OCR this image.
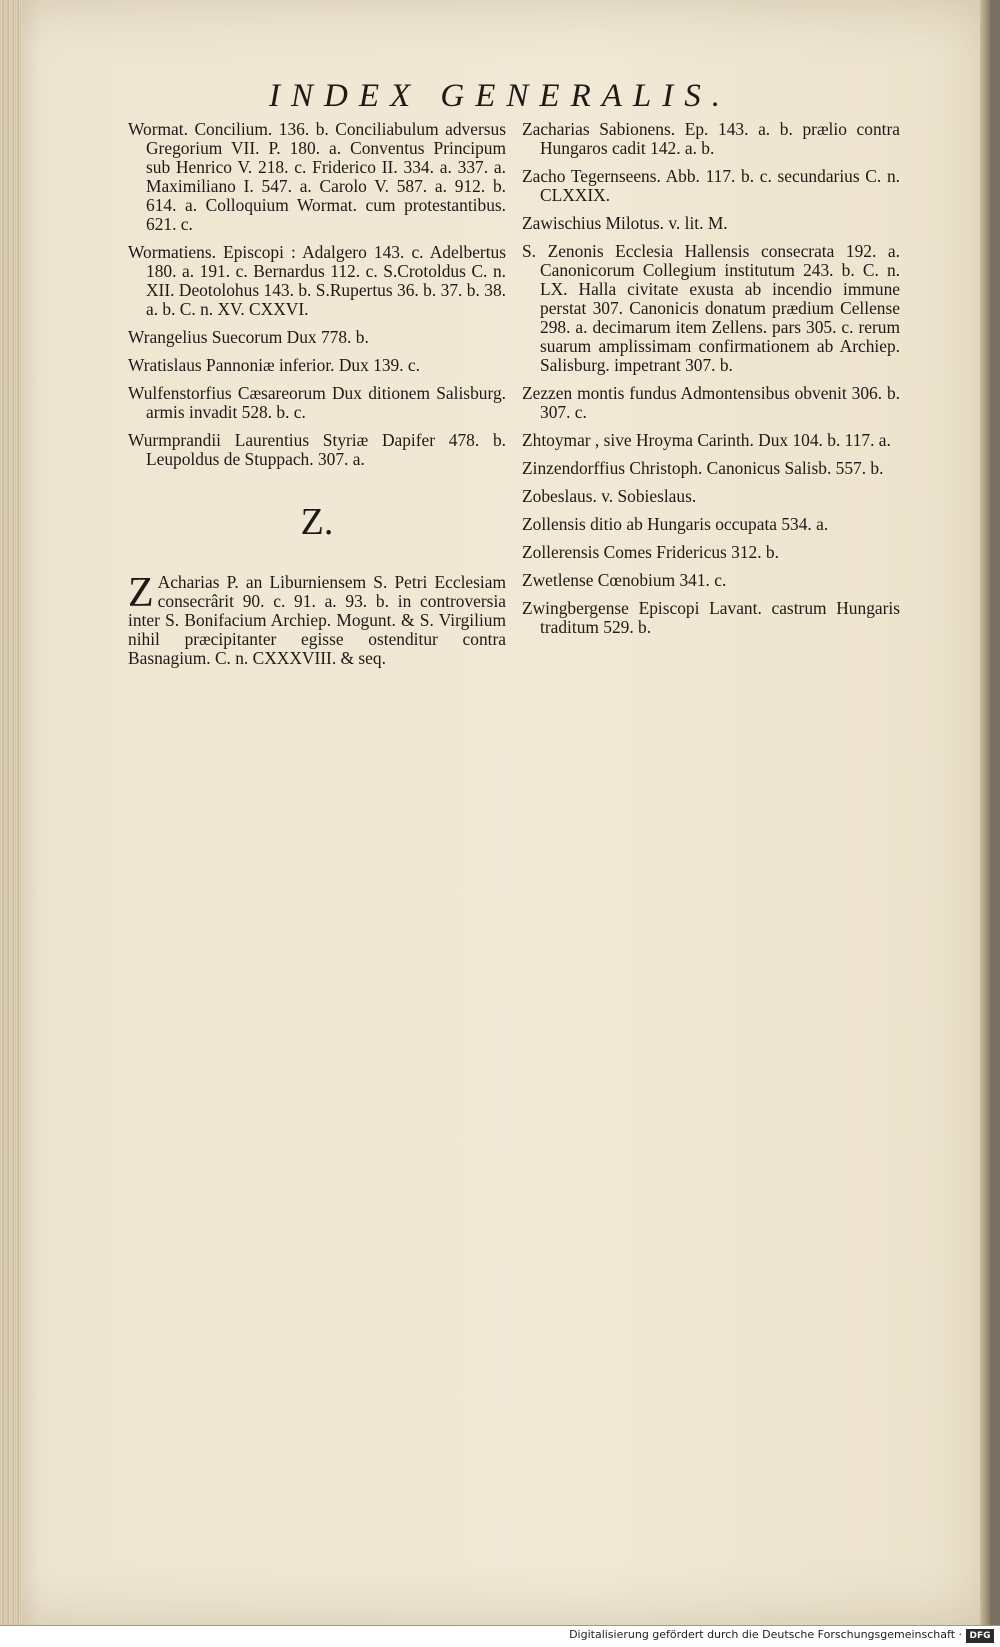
INDEX GENERALIS.

Wormat. Concilium. 136. b. Conciliabulum adversus Gregorium VII. P. 180. a. Conventus Principum sub Henrico V. 218. c. Friderico II. 334. a. 337. a. Maximiliano I. 547. a. Carolo V. 587. a. 912. b. 614. a. Colloquium Wormat. cum protestantibus. 621. c.

Wormatiens. Episcopi : Adalgero 143. c. Adelbertus 180. a. 191. c. Bernardus 112. c. S.Crotoldus C. n. XII. Deotolohus 143. b. S.Rupertus 36. b. 37. b. 38. a. b. C. n. XV. CXXVI.

Wrangelius Suecorum Dux 778. b.

Wratislaus Pannoniæ inferior. Dux 139. c.

Wulfenstorfius Cæsareorum Dux ditionem Salisburg. armis invadit 528. b. c.

Wurmprandii Laurentius Styriæ Dapifer 478. b. Leupoldus de Stuppach. 307. a.

Z.

Z Acharias P. an Liburniensem S. Petri Ecclesiam consecrârit 90. c. 91. a. 93. b. in controversia inter S. Bonifacium Archiep. Mogunt. & S. Virgilium nihil præcipitanter egisse ostenditur contra Basnagium. C. n. CXXXVIII. & seq.

Zacharias Sabionens. Ep. 143. a. b. prælio contra Hungaros cadit 142. a. b.

Zacho Tegernseens. Abb. 117. b. c. secundarius C. n. CLXXIX.

Zawischius Milotus. v. lit. M.

S. Zenonis Ecclesia Hallensis consecrata 192. a. Canonicorum Collegium institutum 243. b. C. n. LX. Halla civitate exusta ab incendio immune perstat 307. Canonicis donatum prædium Cellense 298. a. decimarum item Zellens. pars 305. c. rerum suarum amplissimam confirmationem ab Archiep. Salisburg. impetrant 307. b.

Zezzen montis fundus Admontensibus obvenit 306. b. 307. c.

Zhtoymar , sive Hroyma Carinth. Dux 104. b. 117. a.

Zinzendorffius Christoph. Canonicus Salisb. 557. b.

Zobeslaus. v. Sobieslaus.

Zollensis ditio ab Hungaris occupata 534. a.

Zollerensis Comes Fridericus 312. b.

Zwetlense Cœnobium 341. c.

Zwingbergense Episcopi Lavant. castrum Hungaris traditum 529. b.

Digitalisierung gefördert durch die Deutsche Forschungsgemeinschaft · DFG
